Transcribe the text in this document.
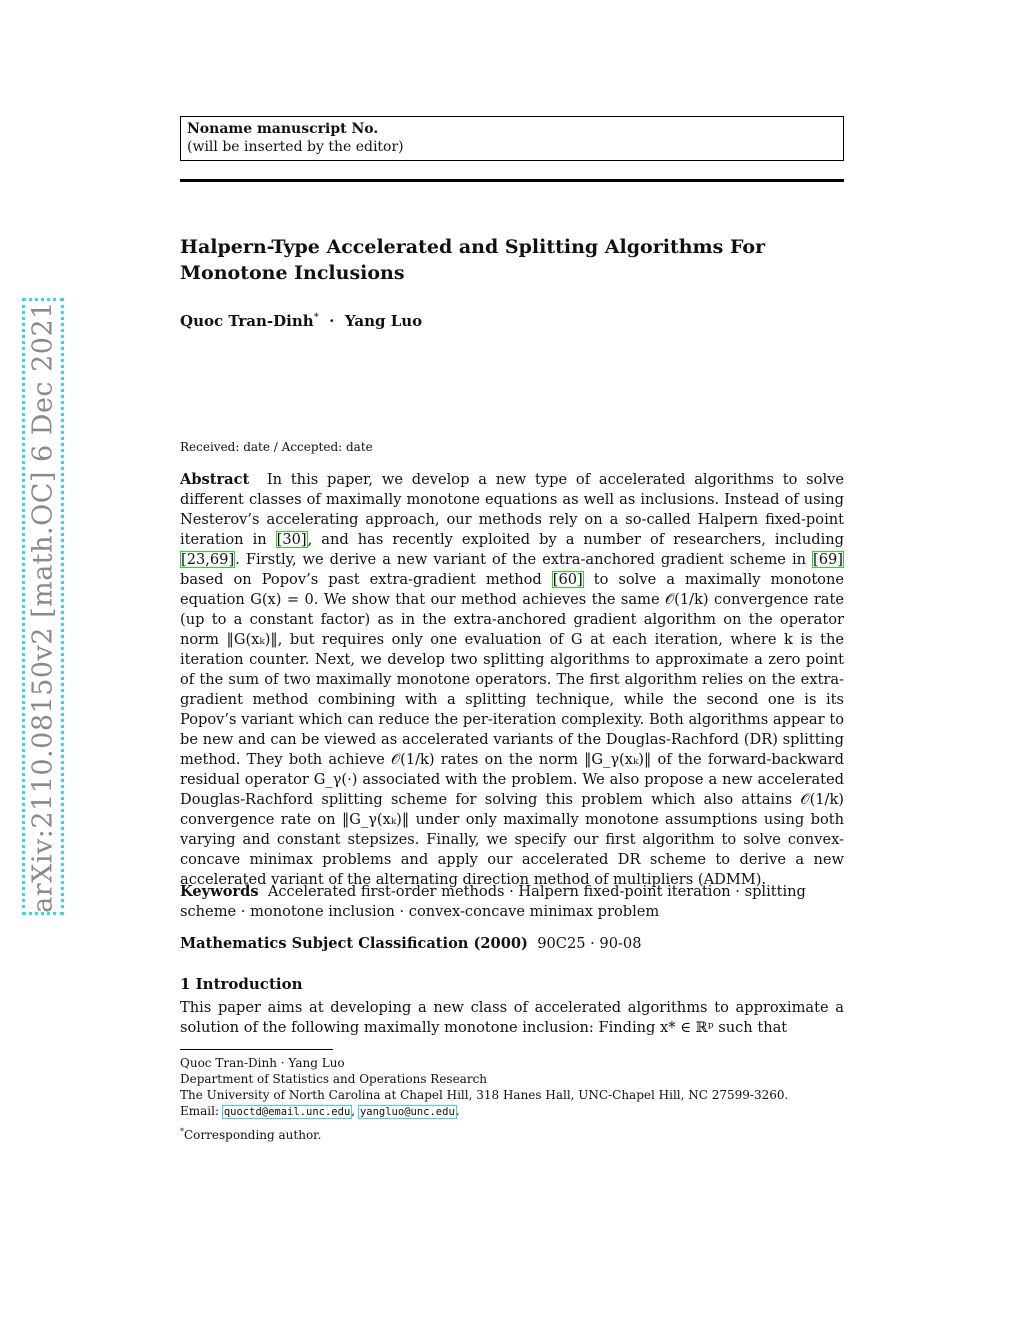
arXiv:2110.08150v2 [math.OC] 6 Dec 2021
Noname manuscript No.
(will be inserted by the editor)
Halpern-Type Accelerated and Splitting Algorithms For Monotone Inclusions
Quoc Tran-Dinh* · Yang Luo
Received: date / Accepted: date
Abstract In this paper, we develop a new type of accelerated algorithms to solve different classes of maximally monotone equations as well as inclusions. Instead of using Nesterov’s accelerating approach, our methods rely on a so-called Halpern fixed-point iteration in [30], and has recently exploited by a number of researchers, including [23,69]. Firstly, we derive a new variant of the extra-anchored gradient scheme in [69] based on Popov’s past extra-gradient method [60] to solve a maximally monotone equation G(x) = 0. We show that our method achieves the same 𝒪(1/k) convergence rate (up to a constant factor) as in the extra-anchored gradient algorithm on the operator norm ‖G(xₖ)‖, but requires only one evaluation of G at each iteration, where k is the iteration counter. Next, we develop two splitting algorithms to approximate a zero point of the sum of two maximally monotone operators. The first algorithm relies on the extra-gradient method combining with a splitting technique, while the second one is its Popov’s variant which can reduce the per-iteration complexity. Both algorithms appear to be new and can be viewed as accelerated variants of the Douglas-Rachford (DR) splitting method. They both achieve 𝒪(1/k) rates on the norm ‖G_γ(xₖ)‖ of the forward-backward residual operator G_γ(·) associated with the problem. We also propose a new accelerated Douglas-Rachford splitting scheme for solving this problem which also attains 𝒪(1/k) convergence rate on ‖G_γ(xₖ)‖ under only maximally monotone assumptions using both varying and constant stepsizes. Finally, we specify our first algorithm to solve convex-concave minimax problems and apply our accelerated DR scheme to derive a new accelerated variant of the alternating direction method of multipliers (ADMM).
Keywords Accelerated first-order methods · Halpern fixed-point iteration · splitting scheme · monotone inclusion · convex-concave minimax problem
Mathematics Subject Classification (2000) 90C25 · 90-08
1 Introduction
This paper aims at developing a new class of accelerated algorithms to approximate a solution of the following maximally monotone inclusion: Finding x* ∈ ℝᵖ such that
Quoc Tran-Dinh · Yang Luo
Department of Statistics and Operations Research
The University of North Carolina at Chapel Hill, 318 Hanes Hall, UNC-Chapel Hill, NC 27599-3260.
Email: quoctd@email.unc.edu, yangluo@unc.edu.
*Corresponding author.
